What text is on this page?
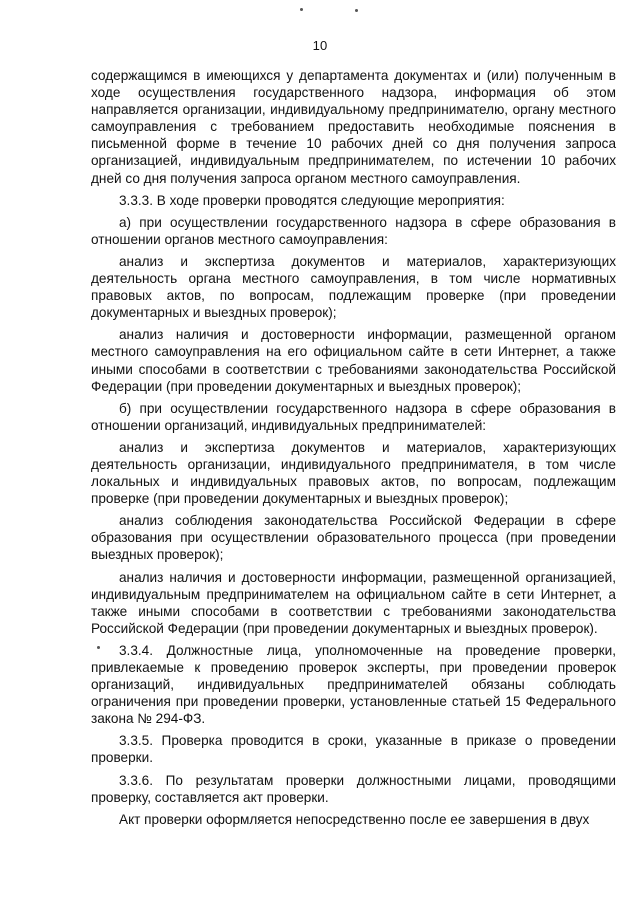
10

содержащимся в имеющихся у департамента документах и (или) полученным в ходе осуществления государственного надзора, информация об этом направляется организации, индивидуальному предпринимателю, органу местного самоуправления с требованием предоставить необходимые пояснения в письменной форме в течение 10 рабочих дней со дня получения запроса организацией, индивидуальным предпринимателем, по истечении 10 рабочих дней со дня получения запроса органом местного самоуправления.

3.3.3. В ходе проверки проводятся следующие мероприятия:

а) при осуществлении государственного надзора в сфере образования в отношении органов местного самоуправления:

анализ и экспертиза документов и материалов, характеризующих деятельность органа местного самоуправления, в том числе нормативных правовых актов, по вопросам, подлежащим проверке (при проведении документарных и выездных проверок);

анализ наличия и достоверности информации, размещенной органом местного самоуправления на его официальном сайте в сети Интернет, а также иными способами в соответствии с требованиями законодательства Российской Федерации (при проведении документарных и выездных проверок);

б) при осуществлении государственного надзора в сфере образования в отношении организаций, индивидуальных предпринимателей:

анализ и экспертиза документов и материалов, характеризующих деятельность организации, индивидуального предпринимателя, в том числе локальных и индивидуальных правовых актов, по вопросам, подлежащим проверке (при проведении документарных и выездных проверок);

анализ соблюдения законодательства Российской Федерации в сфере образования при осуществлении образовательного процесса (при проведении выездных проверок);

анализ наличия и достоверности информации, размещенной организацией, индивидуальным предпринимателем на официальном сайте в сети Интернет, а также иными способами в соответствии с требованиями законодательства Российской Федерации (при проведении документарных и выездных проверок).

3.3.4. Должностные лица, уполномоченные на проведение проверки, привлекаемые к проведению проверок эксперты, при проведении проверок организаций, индивидуальных предпринимателей обязаны соблюдать ограничения при проведении проверки, установленные статьей 15 Федерального закона № 294-ФЗ.

3.3.5. Проверка проводится в сроки, указанные в приказе о проведении проверки.

3.3.6. По результатам проверки должностными лицами, проводящими проверку, составляется акт проверки.

Акт проверки оформляется непосредственно после ее завершения в двух
